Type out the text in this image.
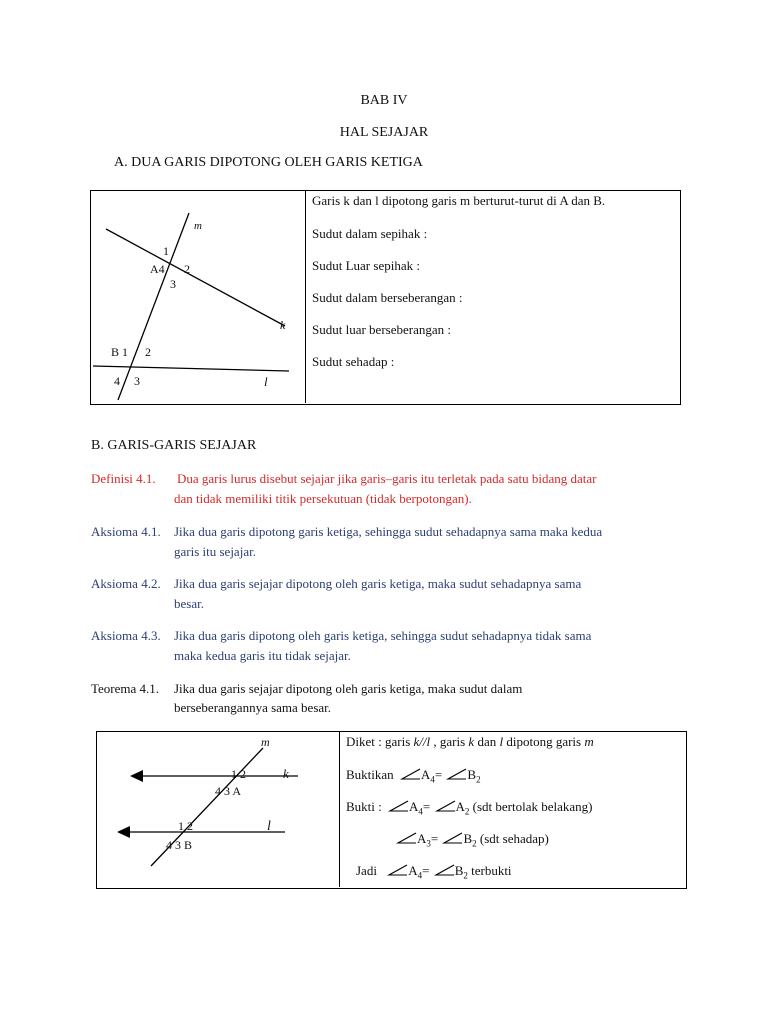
BAB IV
HAL SEJAJAR
A. DUA GARIS DIPOTONG OLEH GARIS KETIGA
m
k
l
1
A4 2
3
B 1 2
4 3
Garis k dan l dipotong garis m berturut-turut di A dan B.
Sudut dalam sepihak :
Sudut Luar sepihak :
Sudut dalam berseberangan :
Sudut luar berseberangan :
Sudut sehadap :
B. GARIS-GARIS SEJAJAR
Definisi 4.1. Dua garis lurus disebut sejajar jika garis–garis itu terletak pada satu bidang datar
dan tidak memiliki titik persekutuan (tidak berpotongan).
Aksioma 4.1. Jika dua garis dipotong garis ketiga, sehingga sudut sehadapnya sama maka kedua
garis itu sejajar.
Aksioma 4.2. Jika dua garis sejajar dipotong oleh garis ketiga, maka sudut sehadapnya sama
besar.
Aksioma 4.3. Jika dua garis dipotong oleh garis ketiga, sehingga sudut sehadapnya tidak sama
maka kedua garis itu tidak sejajar.
Teorema 4.1. Jika dua garis sejajar dipotong oleh garis ketiga, maka sudut dalam
berseberangannya sama besar.
m
k
l
1 2
4 3 A
1 2
4 3 B
Diket : garis k//l , garis k dan l dipotong garis m
Buktikan $A_4= B_2$
Bukti : $A_4= A_2$ (sdt bertolak belakang)
$A_3= B_2$ (sdt sehadap)
Jadi $A_4= B_2$ terbukti
